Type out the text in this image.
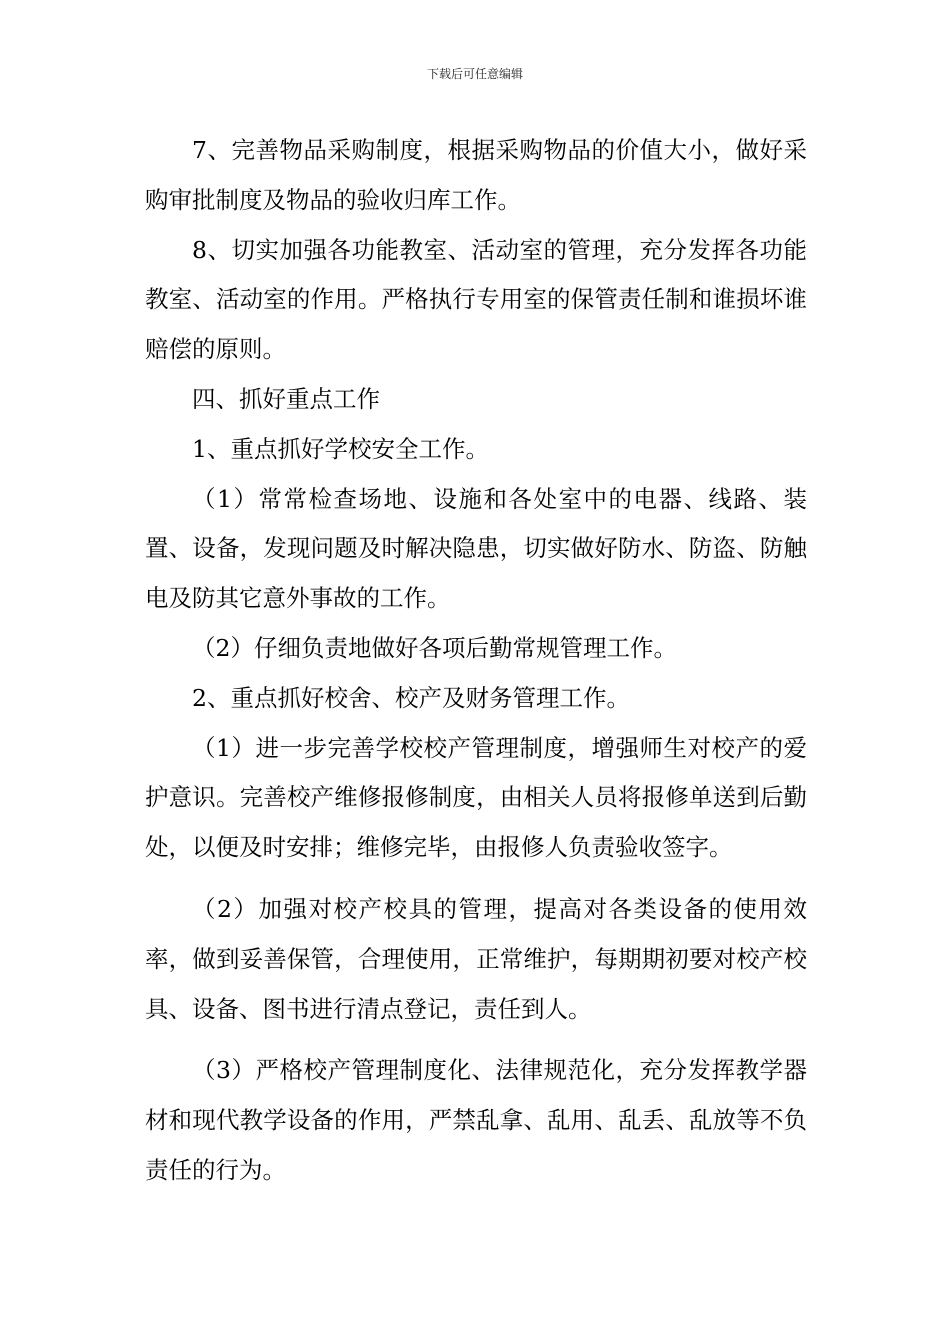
下载后可任意编辑

7、完善物品采购制度，根据采购物品的价值大小，做好采购审批制度及物品的验收归库工作。

8、切实加强各功能教室、活动室的管理，充分发挥各功能教室、活动室的作用。严格执行专用室的保管责任制和谁损坏谁赔偿的原则。

四、抓好重点工作

1、重点抓好学校安全工作。

（1）常常检查场地、设施和各处室中的电器、线路、装置、设备，发现问题及时解决隐患，切实做好防水、防盗、防触电及防其它意外事故的工作。

（2）仔细负责地做好各项后勤常规管理工作。

2、重点抓好校舍、校产及财务管理工作。

（1）进一步完善学校校产管理制度，增强师生对校产的爱护意识。完善校产维修报修制度，由相关人员将报修单送到后勤处，以便及时安排；维修完毕，由报修人负责验收签字。

（2）加强对校产校具的管理，提高对各类设备的使用效率，做到妥善保管，合理使用，正常维护，每期期初要对校产校具、设备、图书进行清点登记，责任到人。

（3）严格校产管理制度化、法律规范化，充分发挥教学器材和现代教学设备的作用，严禁乱拿、乱用、乱丢、乱放等不负责任的行为。
